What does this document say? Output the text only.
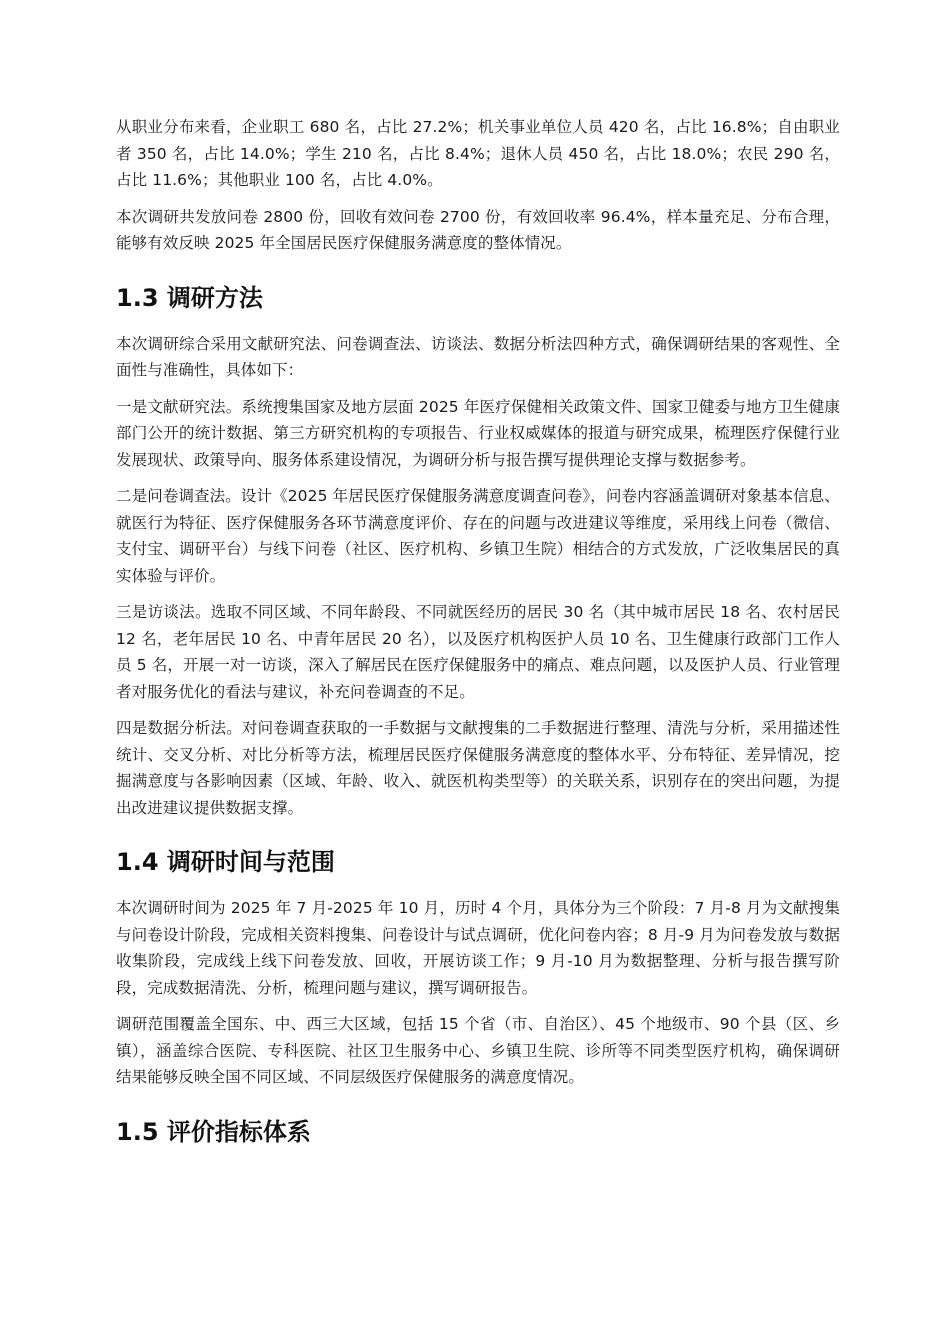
从职业分布来看，企业职工 680 名，占比 27.2%；机关事业单位人员 420 名，占比 16.8%；自由职业者 350 名，占比 14.0%；学生 210 名，占比 8.4%；退休人员 450 名，占比 18.0%；农民 290 名，占比 11.6%；其他职业 100 名，占比 4.0%。

本次调研共发放问卷 2800 份，回收有效问卷 2700 份，有效回收率 96.4%，样本量充足、分布合理，能够有效反映 2025 年全国居民医疗保健服务满意度的整体情况。

1.3 调研方法

本次调研综合采用文献研究法、问卷调查法、访谈法、数据分析法四种方式，确保调研结果的客观性、全面性与准确性，具体如下：

一是文献研究法。系统搜集国家及地方层面 2025 年医疗保健相关政策文件、国家卫健委与地方卫生健康部门公开的统计数据、第三方研究机构的专项报告、行业权威媒体的报道与研究成果，梳理医疗保健行业发展现状、政策导向、服务体系建设情况，为调研分析与报告撰写提供理论支撑与数据参考。

二是问卷调查法。设计《2025 年居民医疗保健服务满意度调查问卷》，问卷内容涵盖调研对象基本信息、就医行为特征、医疗保健服务各环节满意度评价、存在的问题与改进建议等维度，采用线上问卷（微信、支付宝、调研平台）与线下问卷（社区、医疗机构、乡镇卫生院）相结合的方式发放，广泛收集居民的真实体验与评价。

三是访谈法。选取不同区域、不同年龄段、不同就医经历的居民 30 名（其中城市居民 18 名、农村居民 12 名，老年居民 10 名、中青年居民 20 名），以及医疗机构医护人员 10 名、卫生健康行政部门工作人员 5 名，开展一对一访谈，深入了解居民在医疗保健服务中的痛点、难点问题，以及医护人员、行业管理者对服务优化的看法与建议，补充问卷调查的不足。

四是数据分析法。对问卷调查获取的一手数据与文献搜集的二手数据进行整理、清洗与分析，采用描述性统计、交叉分析、对比分析等方法，梳理居民医疗保健服务满意度的整体水平、分布特征、差异情况，挖掘满意度与各影响因素（区域、年龄、收入、就医机构类型等）的关联关系，识别存在的突出问题，为提出改进建议提供数据支撑。

1.4 调研时间与范围

本次调研时间为 2025 年 7 月-2025 年 10 月，历时 4 个月，具体分为三个阶段：7 月-8 月为文献搜集与问卷设计阶段，完成相关资料搜集、问卷设计与试点调研，优化问卷内容；8 月-9 月为问卷发放与数据收集阶段，完成线上线下问卷发放、回收，开展访谈工作；9 月-10 月为数据整理、分析与报告撰写阶段，完成数据清洗、分析，梳理问题与建议，撰写调研报告。

调研范围覆盖全国东、中、西三大区域，包括 15 个省（市、自治区）、45 个地级市、90 个县（区、乡镇），涵盖综合医院、专科医院、社区卫生服务中心、乡镇卫生院、诊所等不同类型医疗机构，确保调研结果能够反映全国不同区域、不同层级医疗保健服务的满意度情况。

1.5 评价指标体系
